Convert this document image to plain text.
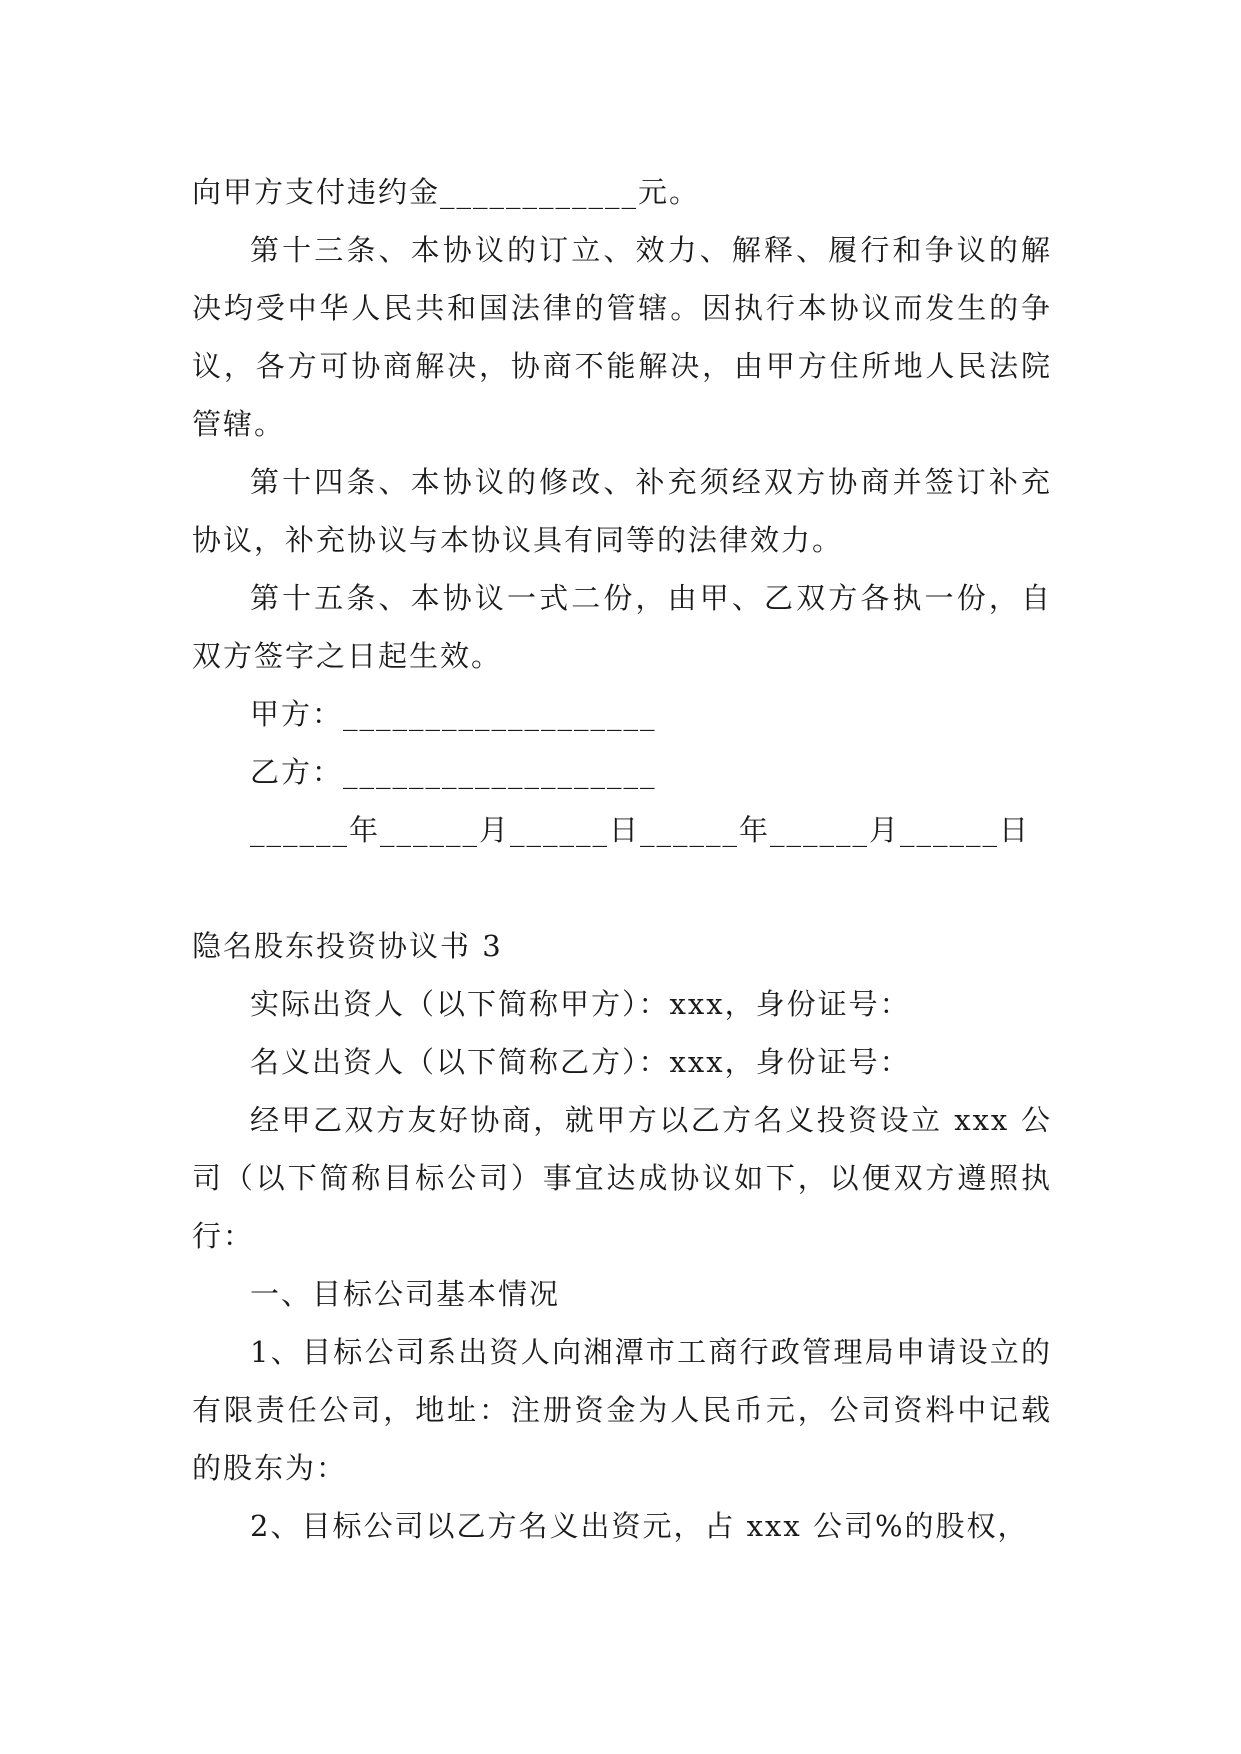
向甲方支付违约金____________元。

第十三条、本协议的订立、效力、解释、履行和争议的解决均受中华人民共和国法律的管辖。因执行本协议而发生的争议，各方可协商解决，协商不能解决，由甲方住所地人民法院管辖。

第十四条、本协议的修改、补充须经双方协商并签订补充协议，补充协议与本协议具有同等的法律效力。

第十五条、本协议一式二份，由甲、乙双方各执一份，自双方签字之日起生效。

甲方：___________________

乙方：___________________

______年______月______日______年______月______日

隐名股东投资协议书 3

实际出资人（以下简称甲方）：xxx，身份证号：

名义出资人（以下简称乙方）：xxx，身份证号：

经甲乙双方友好协商，就甲方以乙方名义投资设立 xxx 公司（以下简称目标公司）事宜达成协议如下，以便双方遵照执行：

一、目标公司基本情况

1、目标公司系出资人向湘潭市工商行政管理局申请设立的有限责任公司，地址：注册资金为人民币元，公司资料中记载的股东为：

2、目标公司以乙方名义出资元，占 xxx 公司%的股权，
